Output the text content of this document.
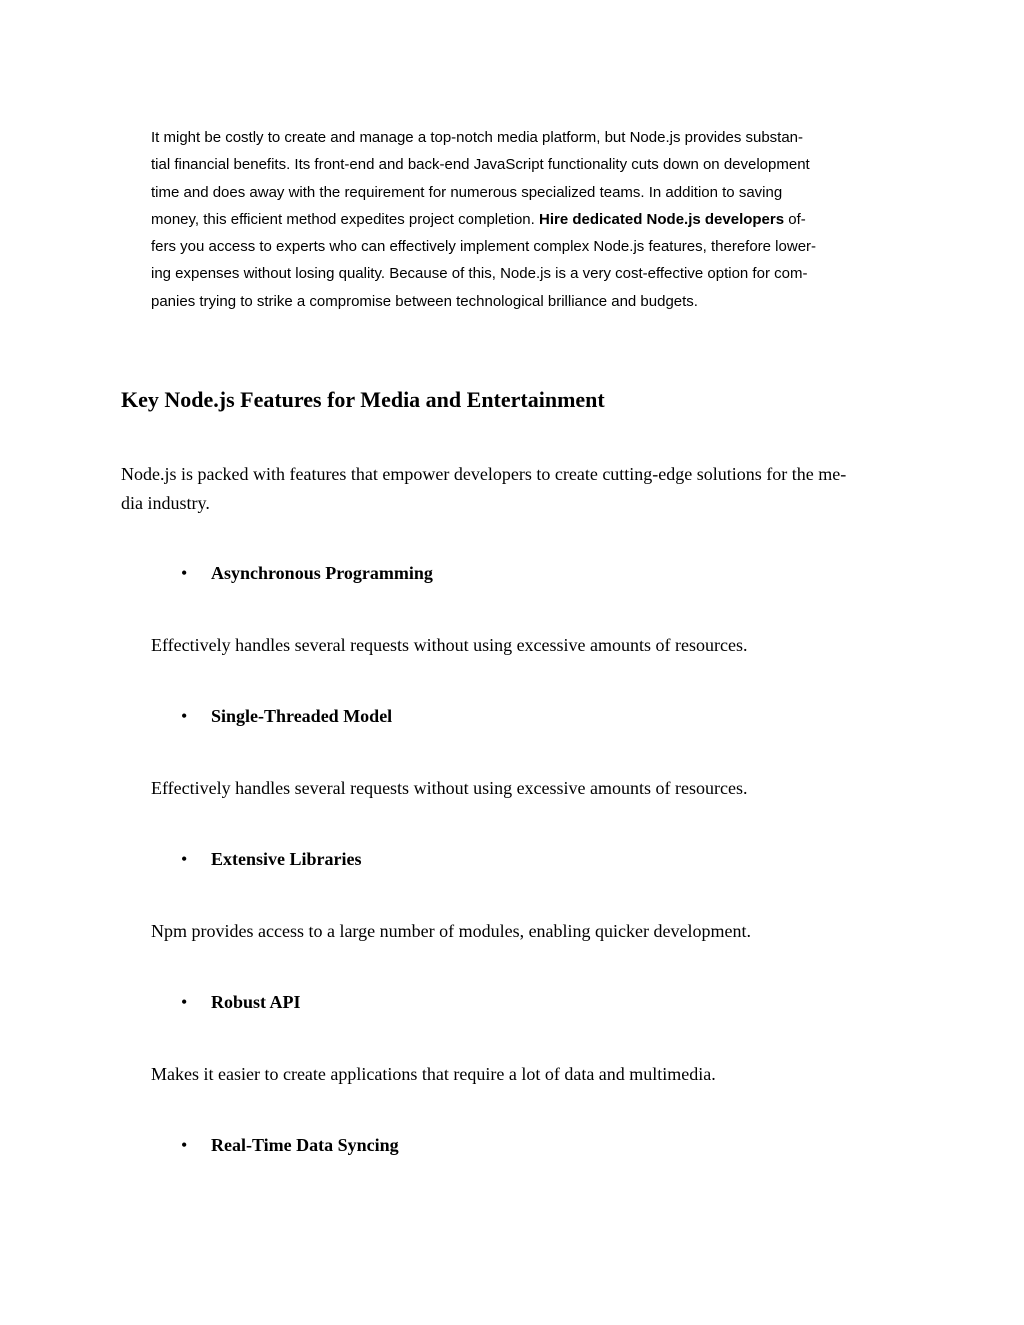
It might be costly to create and manage a top-notch media platform, but Node.js provides substan-
tial financial benefits. Its front-end and back-end JavaScript functionality cuts down on development
time and does away with the requirement for numerous specialized teams. In addition to saving
money, this efficient method expedites project completion. Hire dedicated Node.js developers of-
fers you access to experts who can effectively implement complex Node.js features, therefore lower-
ing expenses without losing quality. Because of this, Node.js is a very cost-effective option for com-
panies trying to strike a compromise between technological brilliance and budgets.

Key Node.js Features for Media and Entertainment

Node.js is packed with features that empower developers to create cutting-edge solutions for the me-
dia industry.

• Asynchronous Programming

Effectively handles several requests without using excessive amounts of resources.

• Single-Threaded Model

Effectively handles several requests without using excessive amounts of resources.

• Extensive Libraries

Npm provides access to a large number of modules, enabling quicker development.

• Robust API

Makes it easier to create applications that require a lot of data and multimedia.

• Real-Time Data Syncing
